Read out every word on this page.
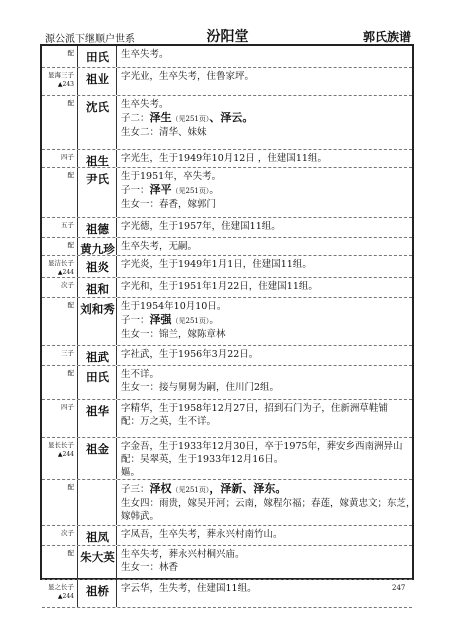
源公派下继顺户世系	汾阳堂	郭氏族谱
配	田氏	生卒失考。
显海三子
▲243	祖业	字光业，生卒失考，住鲁家坪。
配	沈氏	生卒失考。
子二：泽生（见251页）、泽云。
生女二：清华、妹妹
四子	祖生	字光生，生于1949年10月12日 ，住建国11组。
配	尹氏	生于1951年，卒失考。
子一：泽平（见251页）。
生女一：春香，嫁郭门
五子	祖德	字光德，生于1957年，住建国11组。
配 黄九珍 生卒失考，无嗣。
显洁长子
▲244	祖炎	字光炎，生于1949年1月1日，住建国11组。
次子	祖和	字光和，生于1951年1月22日，住建国11组。
配 刘和秀 生于1954年10月10日。
子一：泽强（见251页）。
生女一：锦兰，嫁陈章林
三子	祖武	字社武，生于1956年3月22日。
配	田氏	生不详。
生女一：接与舅舅为嗣，住川门2组。
四子	祖华	字精华，生于1958年12月27日，招到石门为子，住新洲草鞋铺
配：万之英，生不详。
显长长子
▲244	祖金	字金吾，生于1933年12月30日，卒于1975年，葬安乡西南洲异山
配：吴翠英，生于1933年12月16日。
嫗。
配	子三：泽权（见251页），泽新、泽东。
生女四：雨贵，嫁吴开河；云南，嫁程尔福；春莲，嫁黄忠文；东芝，
嫁韩武。
次子	祖凤	字凤吾，生卒失考，葬永兴村南竹山。
配 朱大英 生卒失考，葬永兴村桐兴庙。
生女一：林香
显之长子
▲244	祖桥	字云华，生失考，住建国11组。	247
